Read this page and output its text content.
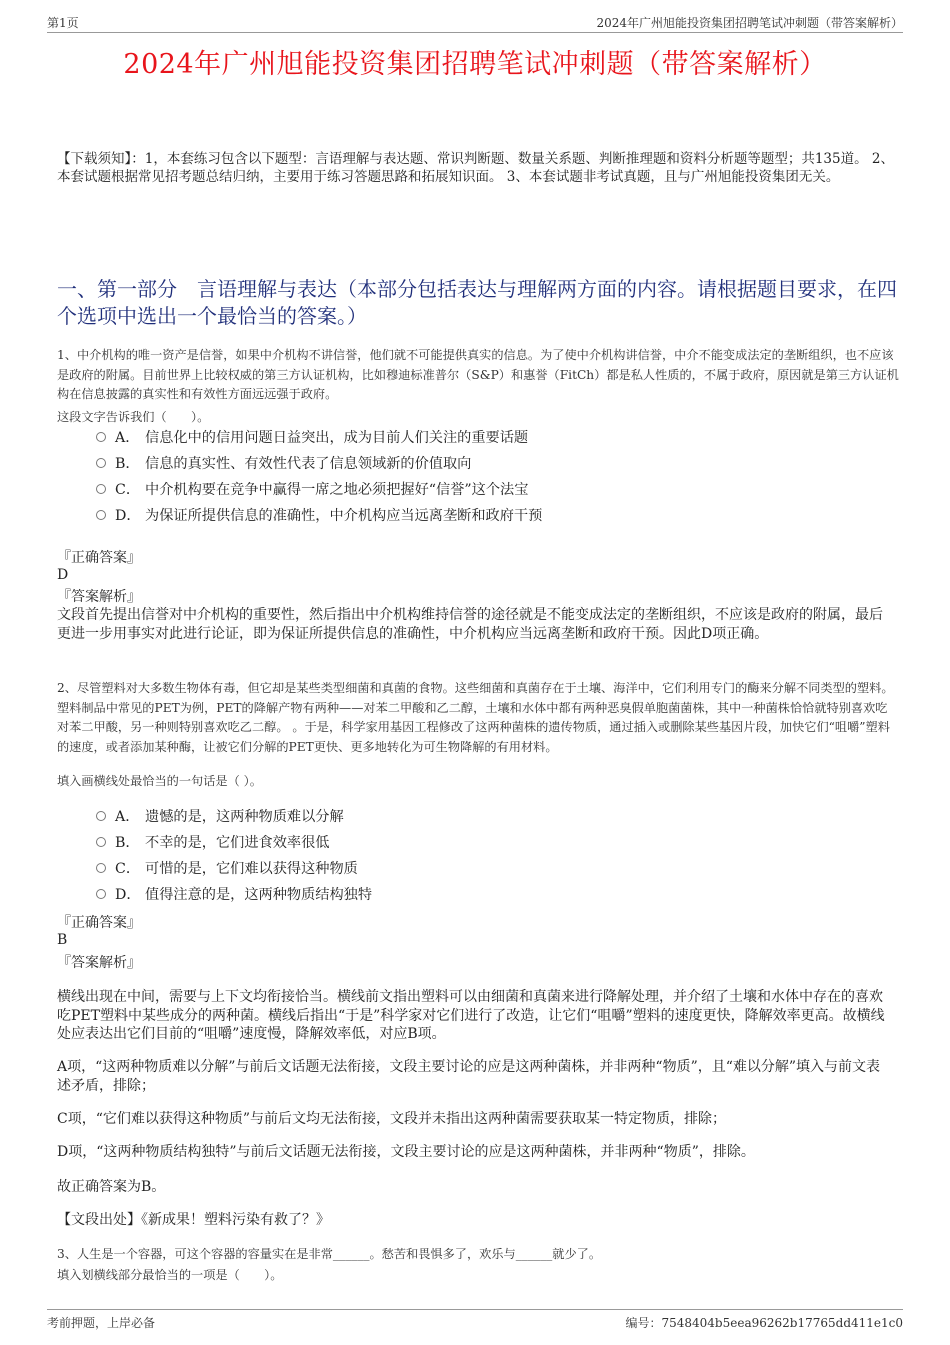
第1页	2024年广州旭能投资集团招聘笔试冲刺题（带答案解析）
2024年广州旭能投资集团招聘笔试冲刺题（带答案解析）
【下载须知】：1，本套练习包含以下题型：言语理解与表达题、常识判断题、数量关系题、判断推理题和资料分析题等题型；共135道。 2、本套试题根据常见招考题总结归纳，主要用于练习答题思路和拓展知识面。 3、本套试题非考试真题，且与广州旭能投资集团无关。
一、第一部分　言语理解与表达（本部分包括表达与理解两方面的内容。请根据题目要求，在四个选项中选出一个最恰当的答案。）
1、中介机构的唯一资产是信誉，如果中介机构不讲信誉，他们就不可能提供真实的信息。为了使中介机构讲信誉，中介不能变成法定的垄断组织，也不应该是政府的附属。目前世界上比较权威的第三方认证机构，比如穆迪标准普尔（S&P）和惠誉（FitCh）都是私人性质的，不属于政府，原因就是第三方认证机构在信息披露的真实性和有效性方面远远强于政府。
这段文字告诉我们（　　）。
A． 信息化中的信用问题日益突出，成为目前人们关注的重要话题
B． 信息的真实性、有效性代表了信息领域新的价值取向
C． 中介机构要在竞争中赢得一席之地必须把握好“信誉”这个法宝
D． 为保证所提供信息的准确性，中介机构应当远离垄断和政府干预
『正确答案』
D
『答案解析』
文段首先提出信誉对中介机构的重要性，然后指出中介机构维持信誉的途径就是不能变成法定的垄断组织，不应该是政府的附属，最后更进一步用事实对此进行论证，即为保证所提供信息的准确性，中介机构应当远离垄断和政府干预。因此D项正确。
2、尽管塑料对大多数生物体有毒，但它却是某些类型细菌和真菌的食物。这些细菌和真菌存在于土壤、海洋中，它们利用专门的酶来分解不同类型的塑料。塑料制品中常见的PET为例，PET的降解产物有两种——对苯二甲酸和乙二醇，土壤和水体中都有两种恶臭假单胞菌菌株，其中一种菌株恰恰就特别喜欢吃对苯二甲酸，另一种则特别喜欢吃乙二醇。 。于是，科学家用基因工程修改了这两种菌株的遗传物质，通过插入或删除某些基因片段，加快它们“咀嚼”塑料的速度，或者添加某种酶，让被它们分解的PET更快、更多地转化为可生物降解的有用材料。
填入画横线处最恰当的一句话是（ ）。
A． 遗憾的是，这两种物质难以分解
B． 不幸的是，它们进食效率很低
C． 可惜的是，它们难以获得这种物质
D． 值得注意的是，这两种物质结构独特
『正确答案』
B
『答案解析』
横线出现在中间，需要与上下文均衔接恰当。横线前文指出塑料可以由细菌和真菌来进行降解处理，并介绍了土壤和水体中存在的喜欢吃PET塑料中某些成分的两种菌。横线后指出“于是”科学家对它们进行了改造，让它们“咀嚼”塑料的速度更快，降解效率更高。故横线处应表达出它们目前的“咀嚼”速度慢，降解效率低，对应B项。
A项，“这两种物质难以分解”与前后文话题无法衔接，文段主要讨论的应是这两种菌株，并非两种“物质”，且“难以分解”填入与前文表述矛盾，排除；
C项，“它们难以获得这种物质”与前后文均无法衔接，文段并未指出这两种菌需要获取某一特定物质，排除；
D项，“这两种物质结构独特”与前后文话题无法衔接，文段主要讨论的应是这两种菌株，并非两种“物质”，排除。
故正确答案为B。
【文段出处】《新成果！塑料污染有救了？》
3、人生是一个容器，可这个容器的容量实在是非常______。愁苦和畏惧多了，欢乐与______就少了。
填入划横线部分最恰当的一项是（　　）。
考前押题，上岸必备	编号：7548404b5eea96262b17765dd411e1c0
